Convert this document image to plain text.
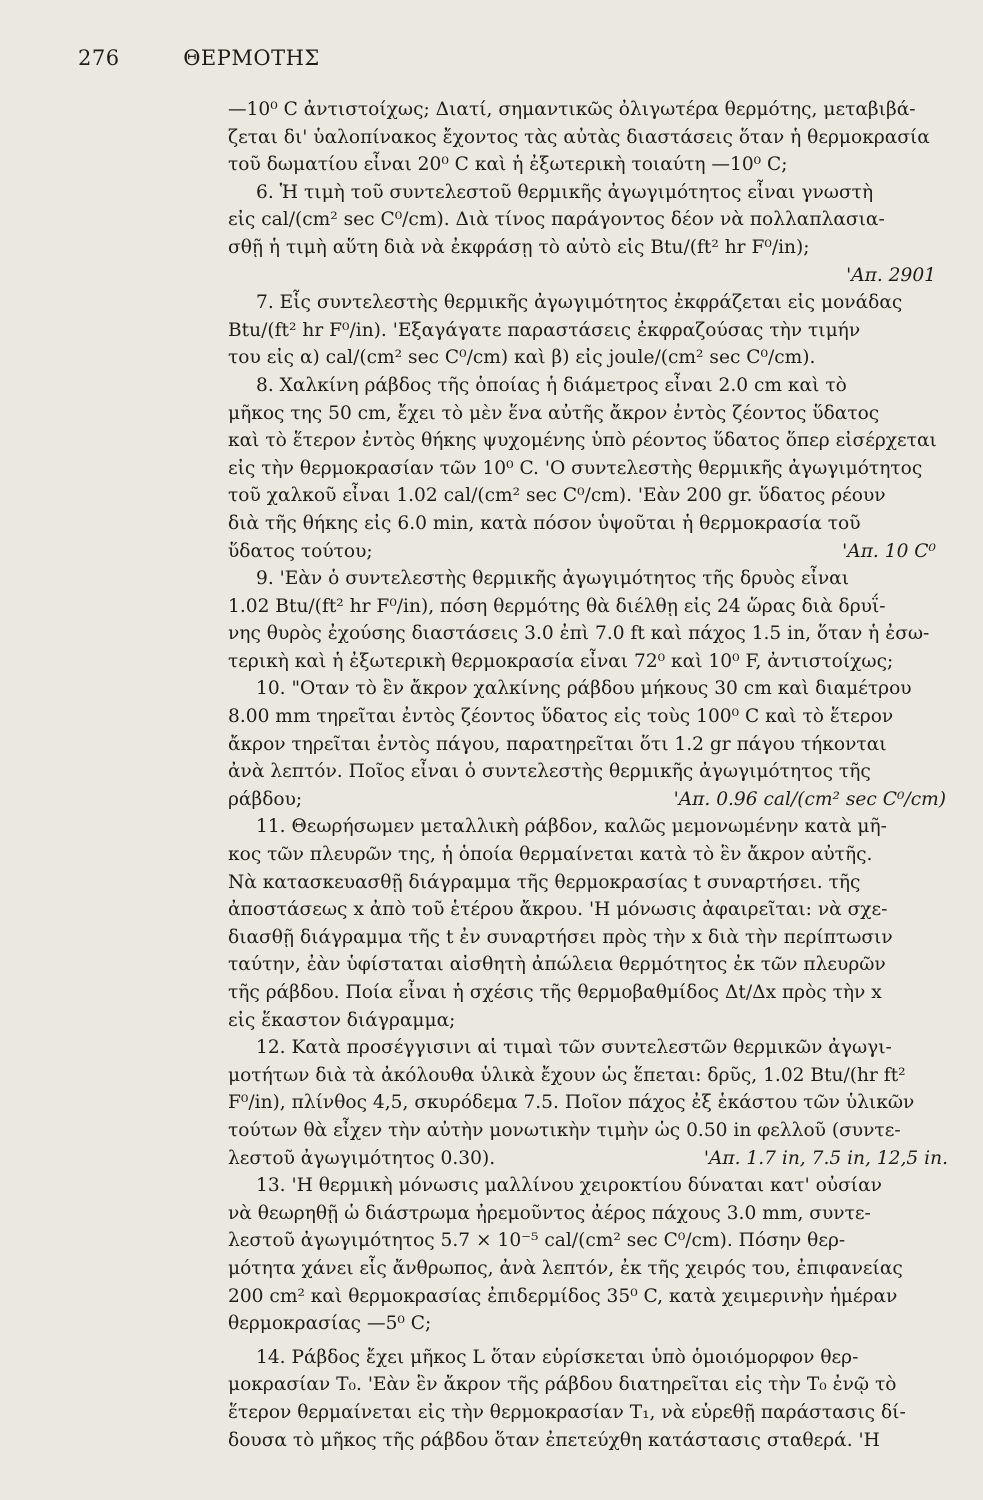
276	ΘΕΡΜΟΤΗΣ
—10⁰ C ἀντιστοίχως; Διατί, σημαντικῶς ὀλιγωτέρα θερμότης, μεταβιβά-
ζεται δι' ὑαλοπίνακος ἔχοντος τὰς αὐτὰς διαστάσεις ὅταν ἡ θερμοκρασία
τοῦ δωματίου εἶναι 20⁰ C καὶ ἡ ἐξωτερικὴ τοιαύτη —10⁰ C;
6. Ἡ τιμὴ τοῦ συντελεστοῦ θερμικῆς ἀγωγιμότητος εἶναι γνωστὴ
εἰς cal/(cm² sec C⁰/cm). Διὰ τίνος παράγοντος δέον νὰ πολλαπλασια-
σθῇ ἡ τιμὴ αὕτη διὰ νὰ ἐκφράσῃ τὸ αὐτὸ εἰς Btu/(ft² hr F⁰/in);
'Απ. 2901
7. Εἷς συντελεστὴς θερμικῆς ἀγωγιμότητος ἐκφράζεται εἰς μονάδας
Btu/(ft² hr F⁰/in). 'Εξαγάγατε παραστάσεις ἐκφραζούσας τὴν τιμήν
του εἰς α) cal/(cm² sec C⁰/cm) καὶ β) εἰς joule/(cm² sec C⁰/cm).
8. Χαλκίνη ράβδος τῆς ὁποίας ἡ διάμετρος εἶναι 2.0 cm καὶ τὸ
μῆκος της 50 cm, ἔχει τὸ μὲν ἕνα αὐτῆς ἄκρον ἐντὸς ζέοντος ὕδατος
καὶ τὸ ἕτερον ἐντὸς θήκης ψυχομένης ὑπὸ ρέοντος ὕδατος ὅπερ εἰσέρχεται
εἰς τὴν θερμοκρασίαν τῶν 10⁰ C. 'Ο συντελεστὴς θερμικῆς ἀγωγιμότητος
τοῦ χαλκοῦ εἶναι 1.02 cal/(cm² sec C⁰/cm). 'Εὰν 200 gr. ὕδατος ρέουν
διὰ τῆς θήκης εἰς 6.0 min, κατὰ πόσον ὑψοῦται ἡ θερμοκρασία τοῦ
ὕδατος τούτου;	'Απ. 10 C⁰
9. 'Εὰν ὁ συντελεστὴς θερμικῆς ἀγωγιμότητος τῆς δρυὸς εἶναι
1.02 Btu/(ft² hr F⁰/in), πόση θερμότης θὰ διέλθῃ εἰς 24 ὥρας διὰ δρυΐ-
νης θυρὸς ἐχούσης διαστάσεις 3.0 ἐπὶ 7.0 ft καὶ πάχος 1.5 in, ὅταν ἡ ἐσω-
τερικὴ καὶ ἡ ἐξωτερικὴ θερμοκρασία εἶναι 72⁰ καὶ 10⁰ F, ἀντιστοίχως;
10. "Οταν τὸ ἓν ἄκρον χαλκίνης ράβδου μήκους 30 cm καὶ διαμέτρου
8.00 mm τηρεῖται ἐντὸς ζέοντος ὕδατος εἰς τοὺς 100⁰ C καὶ τὸ ἕτερον
ἄκρον τηρεῖται ἐντὸς πάγου, παρατηρεῖται ὅτι 1.2 gr πάγου τήκονται
ἀνὰ λεπτόν. Ποῖος εἶναι ὁ συντελεστὴς θερμικῆς ἀγωγιμότητος τῆς
ράβδου;	'Απ. 0.96 cal/(cm² sec C⁰/cm)
11. Θεωρήσωμεν μεταλλικὴ ράβδον, καλῶς μεμονωμένην κατὰ μῆ-
κος τῶν πλευρῶν της, ἡ ὁποία θερμαίνεται κατὰ τὸ ἓν ἄκρον αὐτῆς.
Νὰ κατασκευασθῇ διάγραμμα τῆς θερμοκρασίας t συναρτήσει. τῆς
ἀποστάσεως x ἀπὸ τοῦ ἑτέρου ἄκρου. 'Η μόνωσις ἀφαιρεῖται: νὰ σχε-
διασθῇ διάγραμμα τῆς t ἐν συναρτήσει πρὸς τὴν x διὰ τὴν περίπτωσιν
ταύτην, ἐὰν ὑφίσταται αἰσθητὴ ἀπώλεια θερμότητος ἐκ τῶν πλευρῶν
τῆς ράβδου. Ποία εἶναι ἡ σχέσις τῆς θερμοβαθμίδος Δt/Δx πρὸς τὴν x
εἰς ἕκαστον διάγραμμα;
12. Κατὰ προσέγγισινι αἱ τιμαὶ τῶν συντελεστῶν θερμικῶν ἀγωγι-
μοτήτων διὰ τὰ ἀκόλουθα ὑλικὰ ἔχουν ὡς ἕπεται: δρῦς, 1.02 Btu/(hr ft²
F⁰/in), πλίνθος 4,5, σκυρόδεμα 7.5. Ποῖον πάχος ἐξ ἑκάστου τῶν ὑλικῶν
τούτων θὰ εἶχεν τὴν αὐτὴν μονωτικὴν τιμὴν ὡς 0.50 in φελλοῦ (συντε-
λεστοῦ ἀγωγιμότητος 0.30).	'Απ. 1.7 in, 7.5 in, 12,5 in.
13. 'Η θερμικὴ μόνωσις μαλλίνου χειροκτίου δύναται κατ' οὐσίαν
νὰ θεωρηθῇ ὡ διάστρωμα ἠρεμοῦντος ἀέρος πάχους 3.0 mm, συντε-
λεστοῦ ἀγωγιμότητος 5.7 × 10⁻⁵ cal/(cm² sec C⁰/cm). Πόσην θερ-
μότητα χάνει εἷς ἄνθρωπος, ἀνὰ λεπτόν, ἐκ τῆς χειρός του, ἐπιφανείας
200 cm² καὶ θερμοκρασίας ἐπιδερμίδος 35⁰ C, κατὰ χειμερινὴν ἡμέραν
θερμοκρασίας —5⁰ C;
14. Ράβδος ἔχει μῆκος L ὅταν εὑρίσκεται ὑπὸ ὁμοιόμορφον θερ-
μοκρασίαν T₀. 'Εὰν ἓν ἄκρον τῆς ράβδου διατηρεῖται εἰς τὴν T₀ ἐνῷ τὸ
ἕτερον θερμαίνεται εἰς τὴν θερμοκρασίαν T₁, νὰ εὑρεθῇ παράστασις δί-
δουσα τὸ μῆκος τῆς ράβδου ὅταν ἐπετεύχθη κατάστασις σταθερά. 'Η
